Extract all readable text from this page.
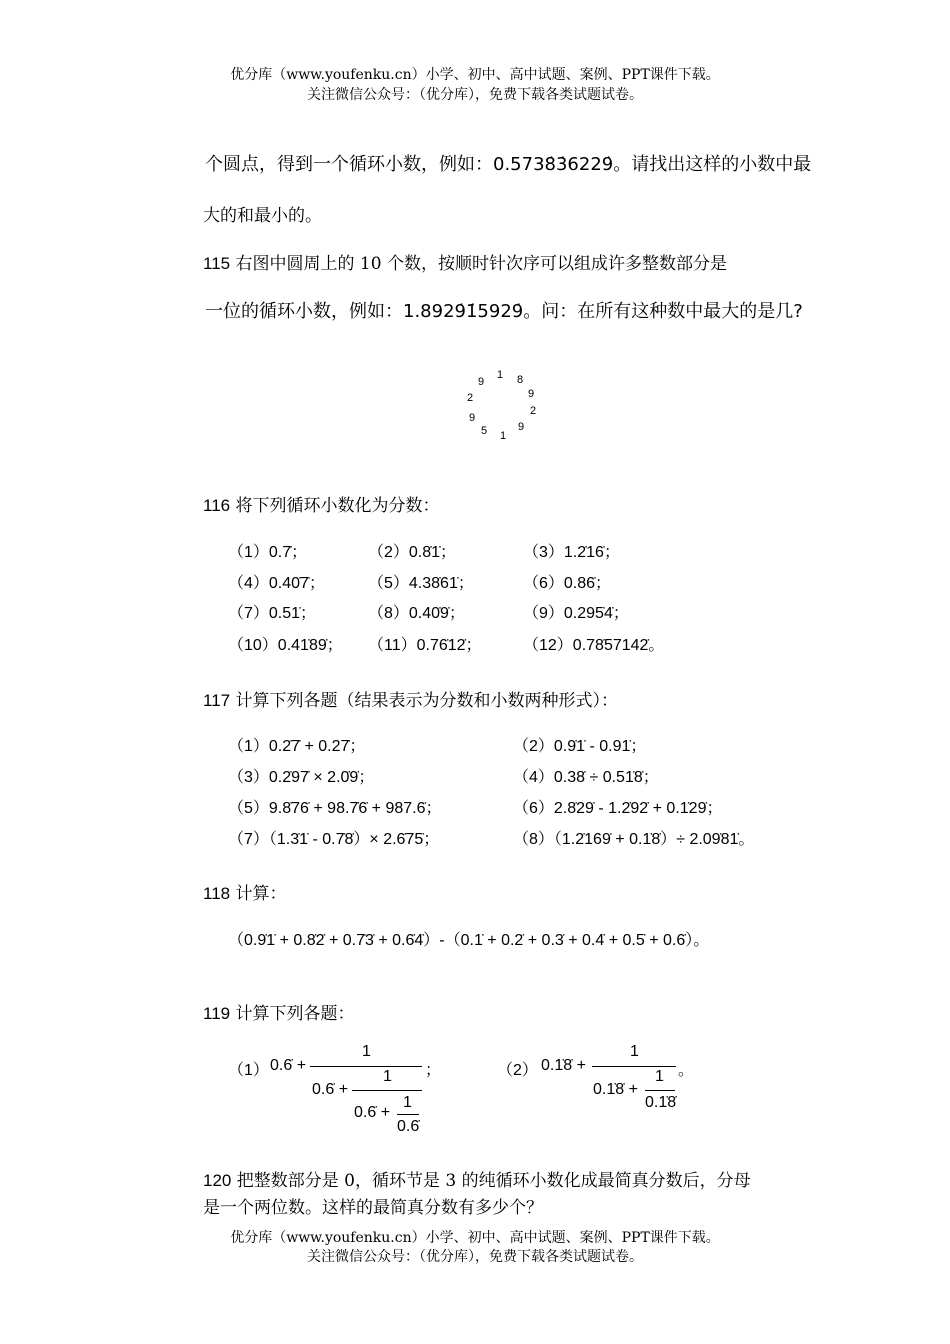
优分库（www.youfenku.cn）小学、初中、高中试题、案例、PPT课件下载。
关注微信公众号：（优分库），免费下载各类试题试卷。
个圆点，得到一个循环小数，例如：0.5738̇3̇6229̇。请找出这样的小数中最
大的和最小的。
115 右图中圆周上的 10 个数，按顺时针次序可以组成许多整数部分是
一位的循环小数，例如：1.8929̇1̇5929̇。问：在所有这种数中最大的是几?
1 8
9
2
9
1
5
9
2
9
116 将下列循环小数化为分数：
（1）0.7̇；	（2）0.8̇1̇；	（3）1.2̇16̇；
（4）0.40̇7̇；	（5）4.38̇61̇；	（6）0.86̇；
（7）0.51̇；	（8）0.40̇9̇；	（9）0.295̇4̇；
（10）0.41̇89̇； （11）0.76̇12̇；	（12）0.78̇57142̇。
117 计算下列各题（结果表示为分数和小数两种形式）：
（1）0.2̇7̇ + 0.27̇；	（2）0.9̇1̇ - 0.91̇；
（3）0.2̇97̇ × 2.0̇9̇；	（4）0.38̇ ÷ 0.51̇8̇；
（5）9.8̇76̇ + 98.7̇6̇ + 987.6̇；	（6）2.8̇29̇ - 1.2̇92̇ + 0.1̇29̇；
（7）（1.3̇1̇ - 0.7̇8̇）× 2.6̇75̇；	（8）（1.2̇169̇ + 0.1̇8̇）÷ 2.09̇81̇。
118 计算：
（0.9̇1̇ + 0.8̇2̇ + 0.7̇3̇ + 0.6̇4̇）-（0.1̇ + 0.2̇ + 0.3̇ + 0.4̇ + 0.5̇ + 0.6̇）。
119 计算下列各题：
（1） 0.6̇ +
1
；
0.6̇ +
1
0.6̇ +
1
0.6̇
（2） 0.1̇8̇ +
1
。
0.1̇8̇ +
1
0.1̇8̇
120 把整数部分是 0，循环节是 3 的纯循环小数化成最简真分数后，分母
是一个两位数。这样的最简真分数有多少个？
优分库（www.youfenku.cn）小学、初中、高中试题、案例、PPT课件下载。
关注微信公众号：（优分库），免费下载各类试题试卷。
